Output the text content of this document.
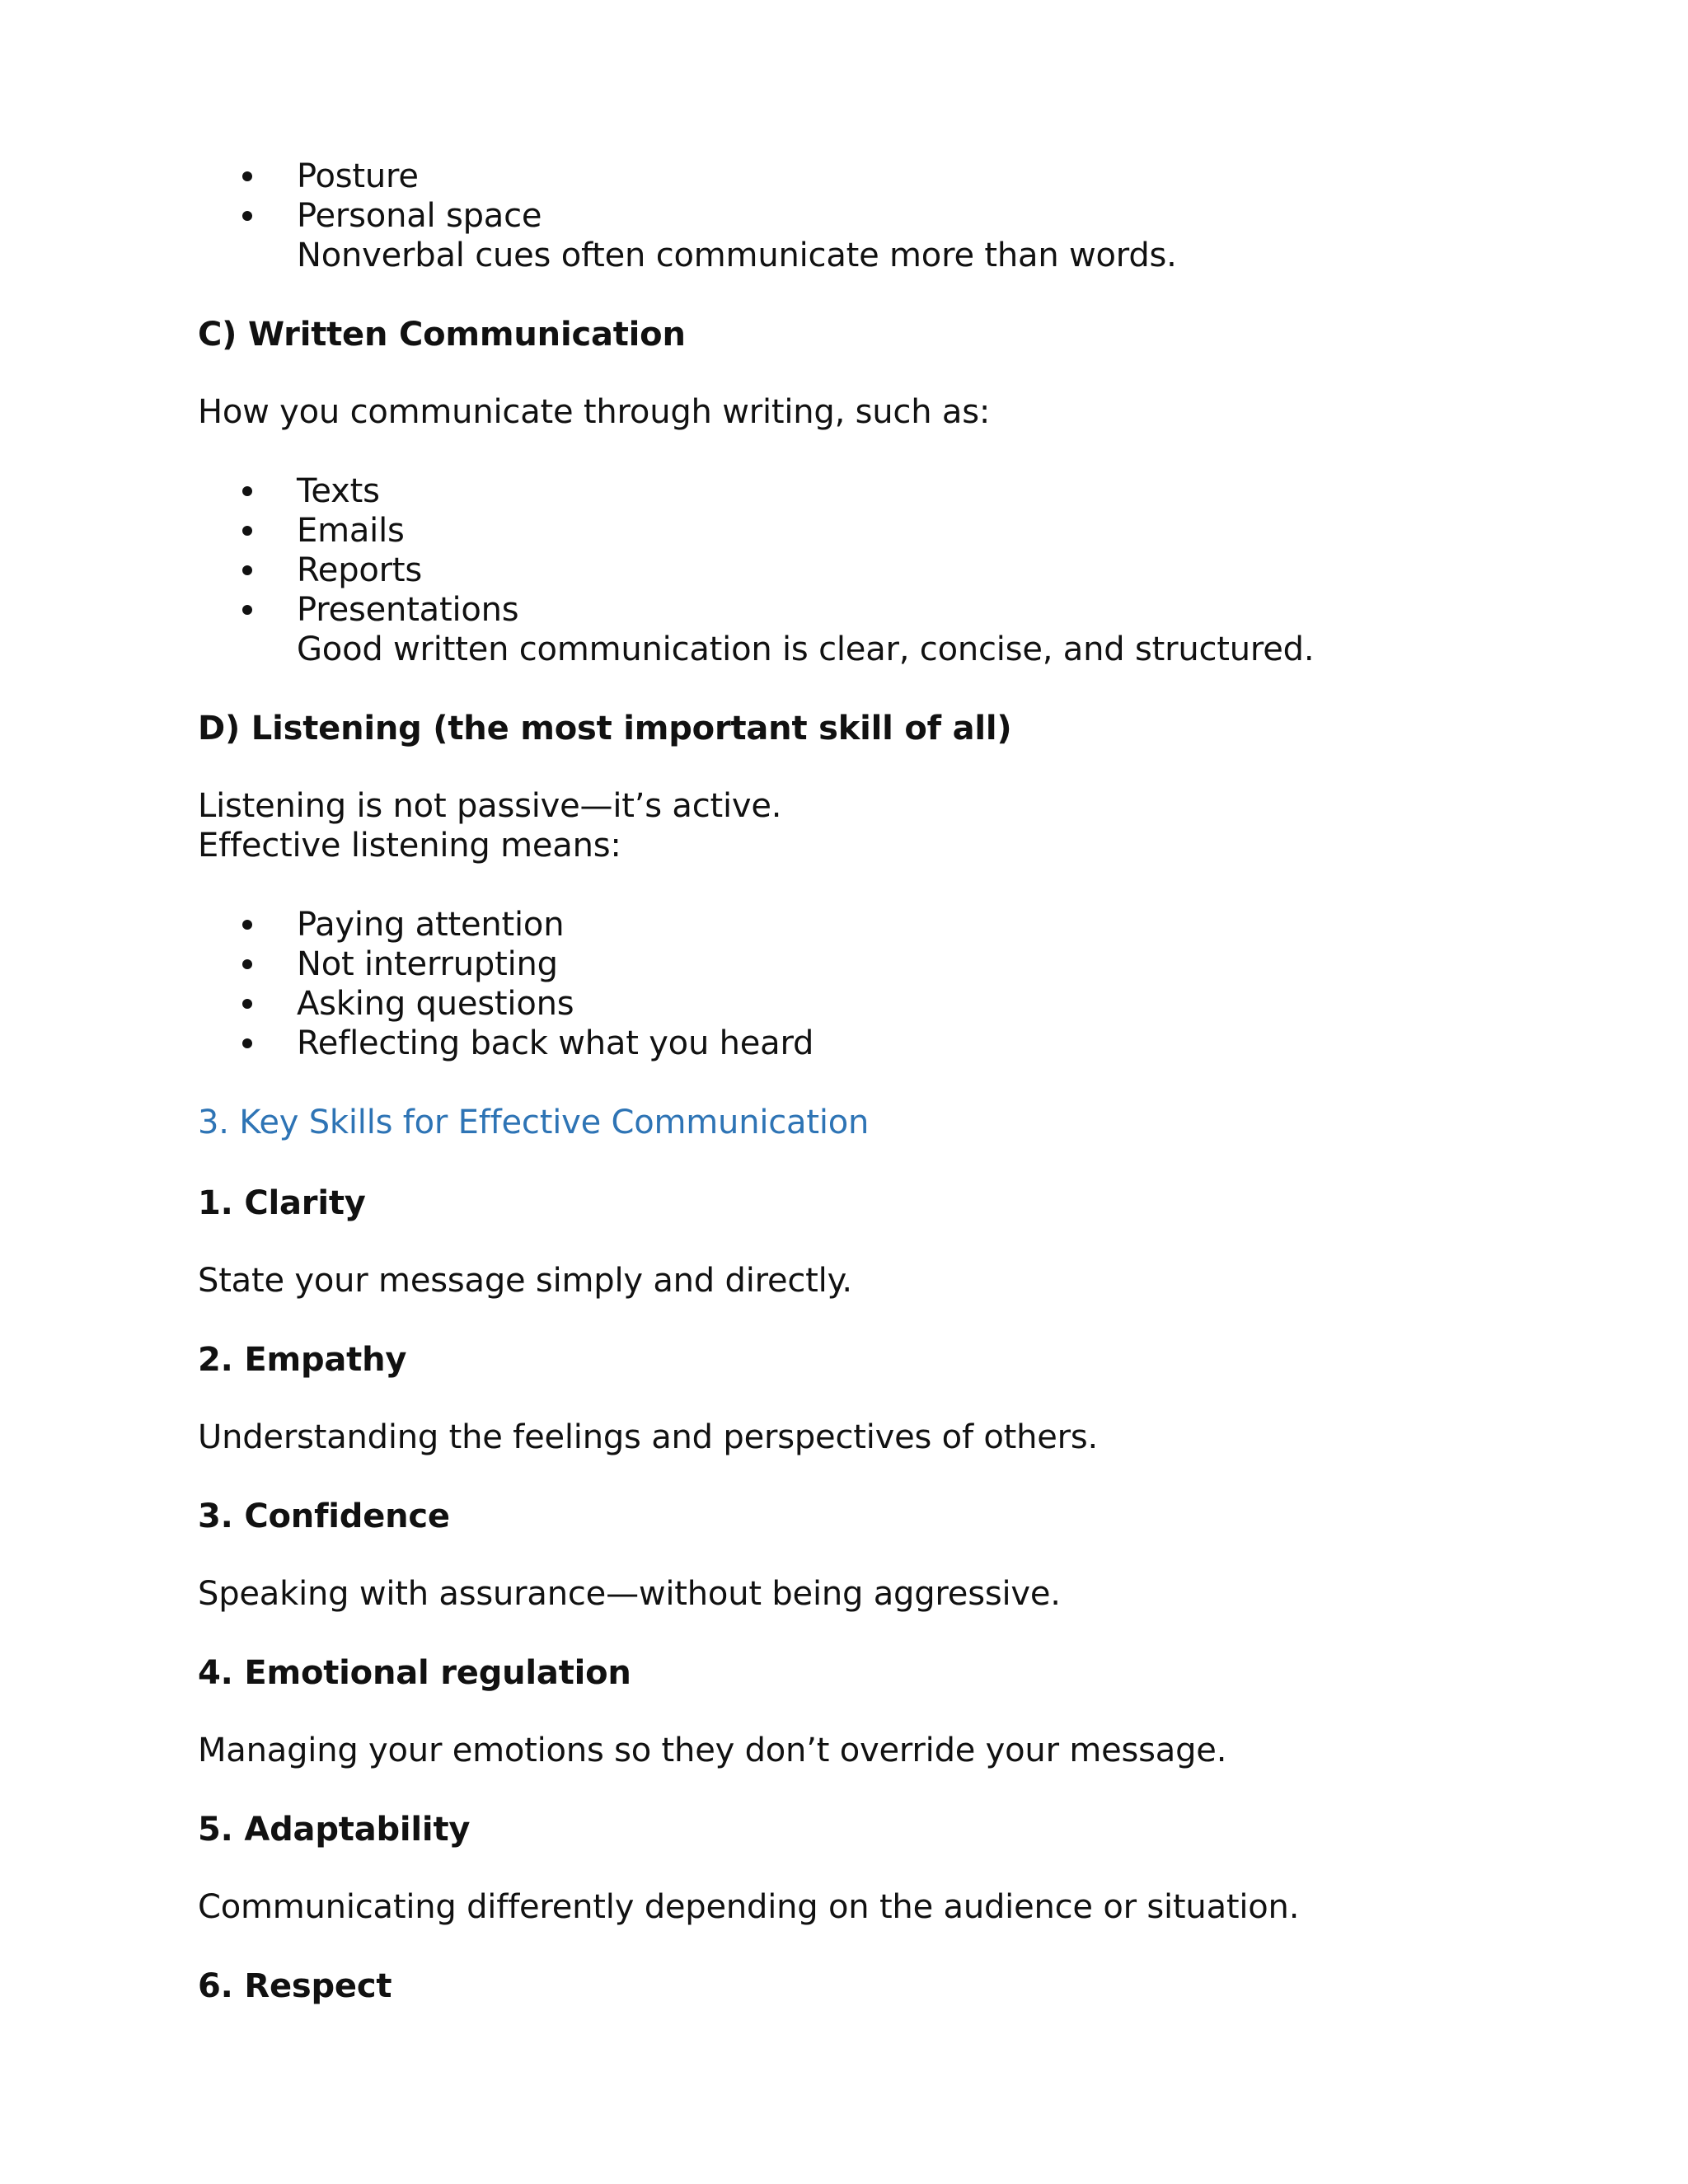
Posture
Personal space
Nonverbal cues often communicate more than words.
C) Written Communication
How you communicate through writing, such as:
Texts
Emails
Reports
Presentations
Good written communication is clear, concise, and structured.
D) Listening (the most important skill of all)
Listening is not passive—it’s active.
Effective listening means:
Paying attention
Not interrupting
Asking questions
Reflecting back what you heard
3. Key Skills for Effective Communication
1. Clarity
State your message simply and directly.
2. Empathy
Understanding the feelings and perspectives of others.
3. Confidence
Speaking with assurance—without being aggressive.
4. Emotional regulation
Managing your emotions so they don’t override your message.
5. Adaptability
Communicating differently depending on the audience or situation.
6. Respect
